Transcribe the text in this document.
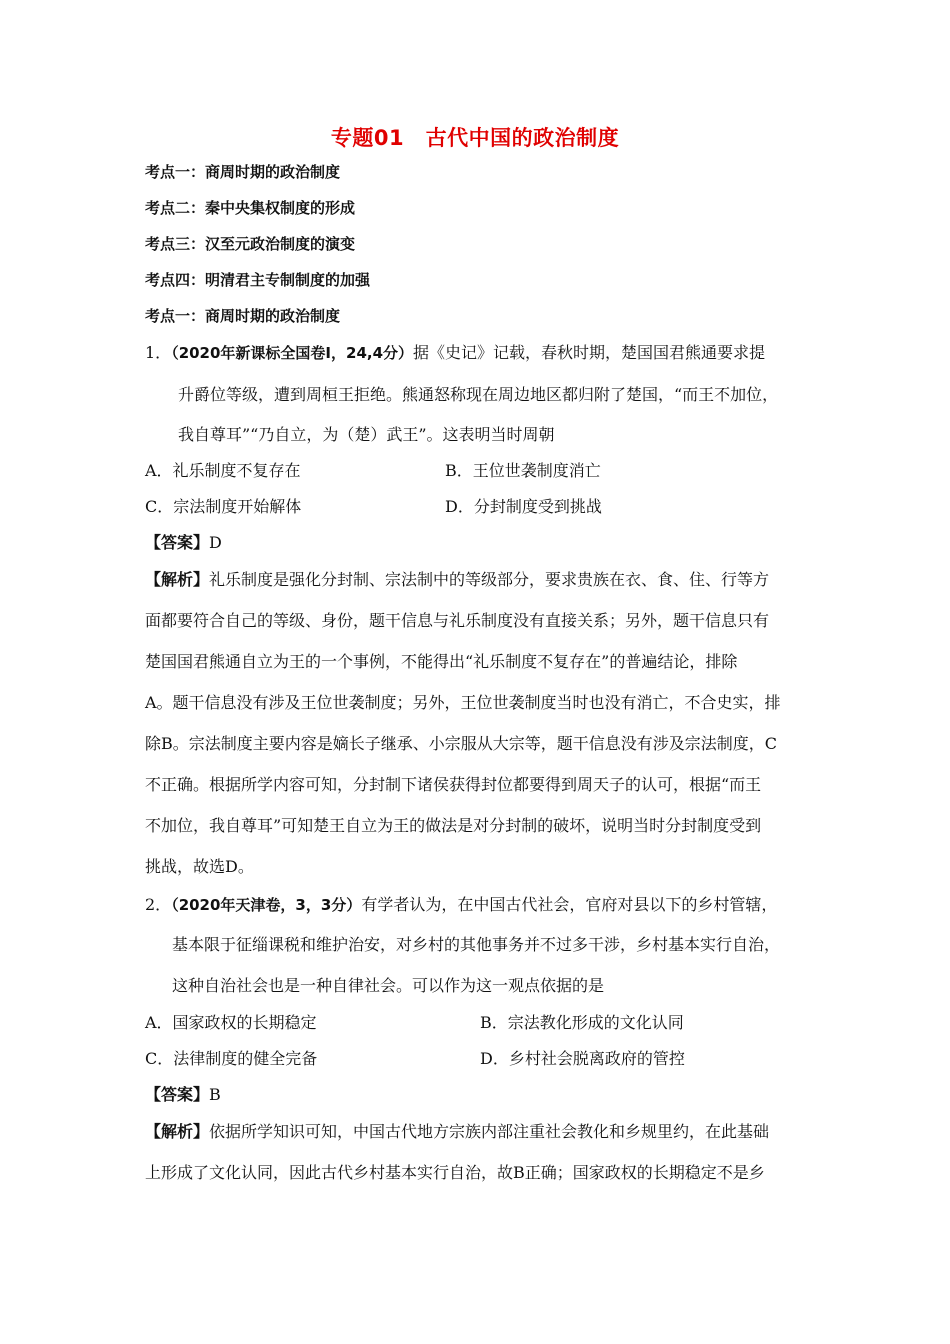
专题01　古代中国的政治制度
考点一：商周时期的政治制度
考点二：秦中央集权制度的形成
考点三：汉至元政治制度的演变
考点四：明清君主专制制度的加强
考点一：商周时期的政治制度
1．（2020年新课标全国卷Ⅰ，24,4分）据《史记》记载，春秋时期，楚国国君熊通要求提
升爵位等级，遭到周桓王拒绝。熊通怒称现在周边地区都归附了楚国，“而王不加位，
我自尊耳”“乃自立，为（楚）武王”。这表明当时周朝
A．礼乐制度不复存在	B．王位世袭制度消亡
C．宗法制度开始解体	D．分封制度受到挑战
【答案】D
【解析】礼乐制度是强化分封制、宗法制中的等级部分，要求贵族在衣、食、住、行等方
面都要符合自己的等级、身份，题干信息与礼乐制度没有直接关系；另外，题干信息只有
楚国国君熊通自立为王的一个事例，不能得出“礼乐制度不复存在”的普遍结论，排除
A。题干信息没有涉及王位世袭制度；另外，王位世袭制度当时也没有消亡，不合史实，排
除B。宗法制度主要内容是嫡长子继承、小宗服从大宗等，题干信息没有涉及宗法制度，C
不正确。根据所学内容可知，分封制下诸侯获得封位都要得到周天子的认可，根据“而王
不加位，我自尊耳”可知楚王自立为王的做法是对分封制的破坏，说明当时分封制度受到
挑战，故选D。
2．（2020年天津卷，3，3分）有学者认为，在中国古代社会，官府对县以下的乡村管辖，
基本限于征缁课税和维护治安，对乡村的其他事务并不过多干涉，乡村基本实行自治，
这种自治社会也是一种自律社会。可以作为这一观点依据的是
A．国家政权的长期稳定	B．宗法教化形成的文化认同
C．法律制度的健全完备	D．乡村社会脱离政府的管控
【答案】B
【解析】依据所学知识可知，中国古代地方宗族内部注重社会教化和乡规里约，在此基础
上形成了文化认同，因此古代乡村基本实行自治，故B正确；国家政权的长期稳定不是乡
